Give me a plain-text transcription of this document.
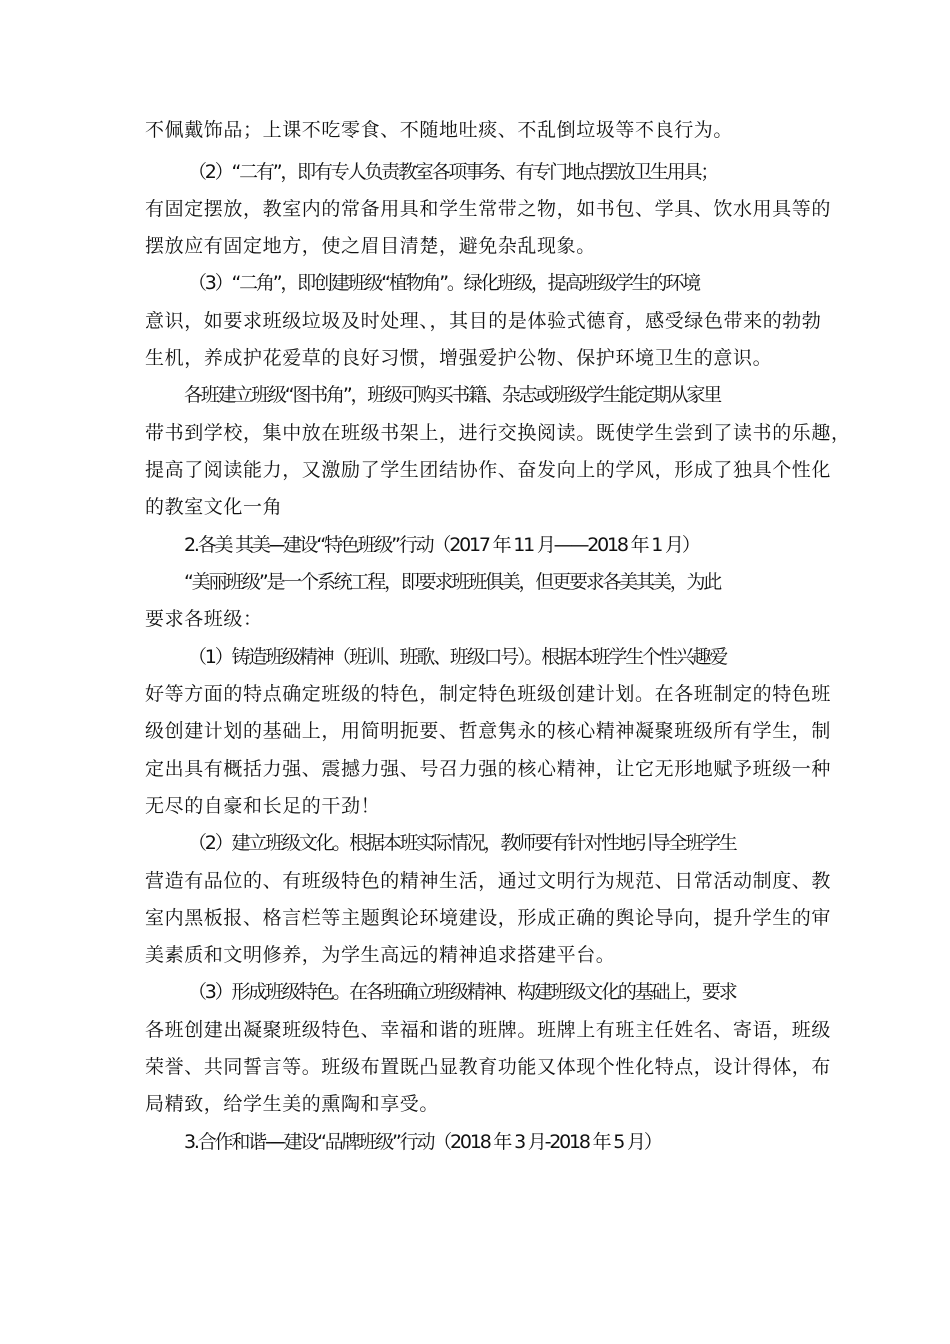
不佩戴饰品；上课不吃零食、不随地吐痰、不乱倒垃圾等不良行为。
（2）“二有”，即有专人负责教室各项事务、有专门地点摆放卫生用具；
有固定摆放，教室内的常备用具和学生常带之物，如书包、学具、饮水用具等的
摆放应有固定地方，使之眉目清楚，避免杂乱现象。
（3）“二角”，即创建班级“植物角”。绿化班级，提高班级学生的环境
意识，如要求班级垃圾及时处理、，其目的是体验式德育，感受绿色带来的勃勃
生机，养成护花爱草的良好习惯，增强爱护公物、保护环境卫生的意识。
各班建立班级“图书角”，班级可购买书籍、杂志或班级学生能定期从家里
带书到学校，集中放在班级书架上，进行交换阅读。既使学生尝到了读书的乐趣，
提高了阅读能力，又激励了学生团结协作、奋发向上的学风，形成了独具个性化
的教室文化一角
2.各美 其美---建设“特色班级”行动（2017 年 11 月——2018 年 1 月）
“美丽班级”是一个系统工程，即要求班班俱美，但更要求各美其美，为此
要求各班级：
（1）铸造班级精神（班训、班歌、班级口号）。根据本班学生个性兴趣爱
好等方面的特点确定班级的特色，制定特色班级创建计划。在各班制定的特色班
级创建计划的基础上，用简明扼要、哲意隽永的核心精神凝聚班级所有学生，制
定出具有概括力强、震撼力强、号召力强的核心精神，让它无形地赋予班级一种
无尽的自豪和长足的干劲！
（2）建立班级文化。根据本班实际情况，教师要有针对性地引导全班学生
营造有品位的、有班级特色的精神生活，通过文明行为规范、日常活动制度、教
室内黑板报、格言栏等主题舆论环境建设，形成正确的舆论导向，提升学生的审
美素质和文明修养，为学生高远的精神追求搭建平台。
（3）形成班级特色。在各班确立班级精神、构建班级文化的基础上，要求
各班创建出凝聚班级特色、幸福和谐的班牌。班牌上有班主任姓名、寄语，班级
荣誉、共同誓言等。班级布置既凸显教育功能又体现个性化特点，设计得体，布
局精致，给学生美的熏陶和享受。
3.合作和谐----建设“品牌班级”行动（2018 年 3 月-2018 年 5 月）
